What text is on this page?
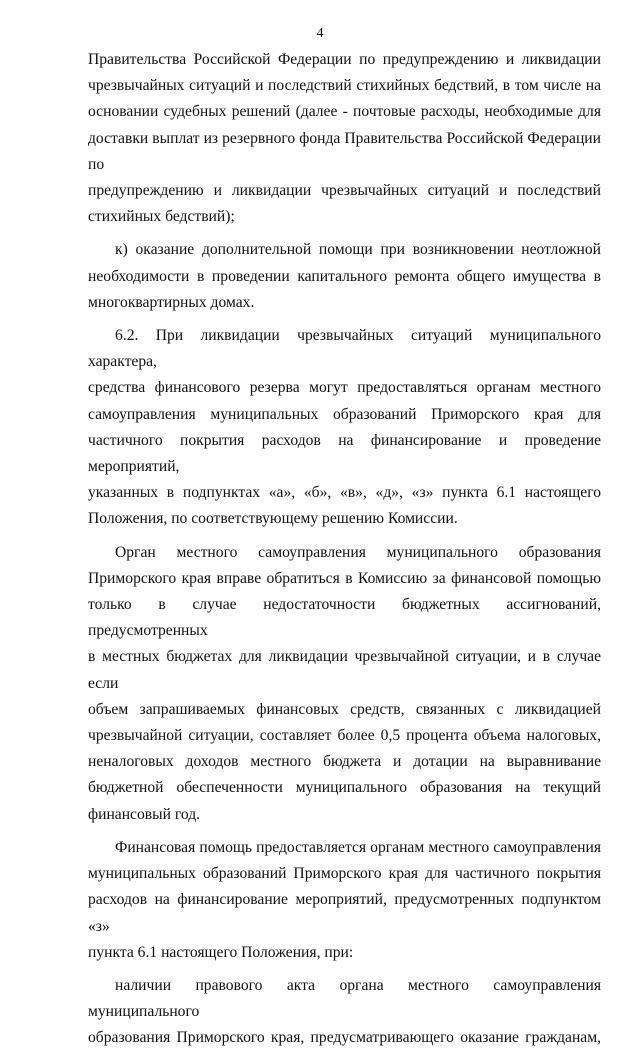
4

Правительства Российской Федерации по предупреждению и ликвидации
чрезвычайных ситуаций и последствий стихийных бедствий, в том числе на
основании судебных решений (далее - почтовые расходы, необходимые для
доставки выплат из резервного фонда Правительства Российской Федерации по
предупреждению и ликвидации чрезвычайных ситуаций и последствий
стихийных бедствий);

к) оказание дополнительной помощи при возникновении неотложной
необходимости в проведении капитального ремонта общего имущества в
многоквартирных домах.

6.2. При ликвидации чрезвычайных ситуаций муниципального характера,
средства финансового резерва могут предоставляться органам местного
самоуправления муниципальных образований Приморского края для
частичного покрытия расходов на финансирование и проведение мероприятий,
указанных в подпунктах «а», «б», «в», «д», «з» пункта 6.1 настоящего
Положения, по соответствующему решению Комиссии.

Орган местного самоуправления муниципального образования
Приморского края вправе обратиться в Комиссию за финансовой помощью
только в случае недостаточности бюджетных ассигнований, предусмотренных
в местных бюджетах для ликвидации чрезвычайной ситуации, и в случае если
объем запрашиваемых финансовых средств, связанных с ликвидацией
чрезвычайной ситуации, составляет более 0,5 процента объема налоговых,
неналоговых доходов местного бюджета и дотации на выравнивание
бюджетной обеспеченности муниципального образования на текущий
финансовый год.

Финансовая помощь предоставляется органам местного самоуправления
муниципальных образований Приморского края для частичного покрытия
расходов на финансирование мероприятий, предусмотренных подпунктом «з»
пункта 6.1 настоящего Положения, при:

наличии правового акта органа местного самоуправления муниципального
образования Приморского края, предусматривающего оказание гражданам,
